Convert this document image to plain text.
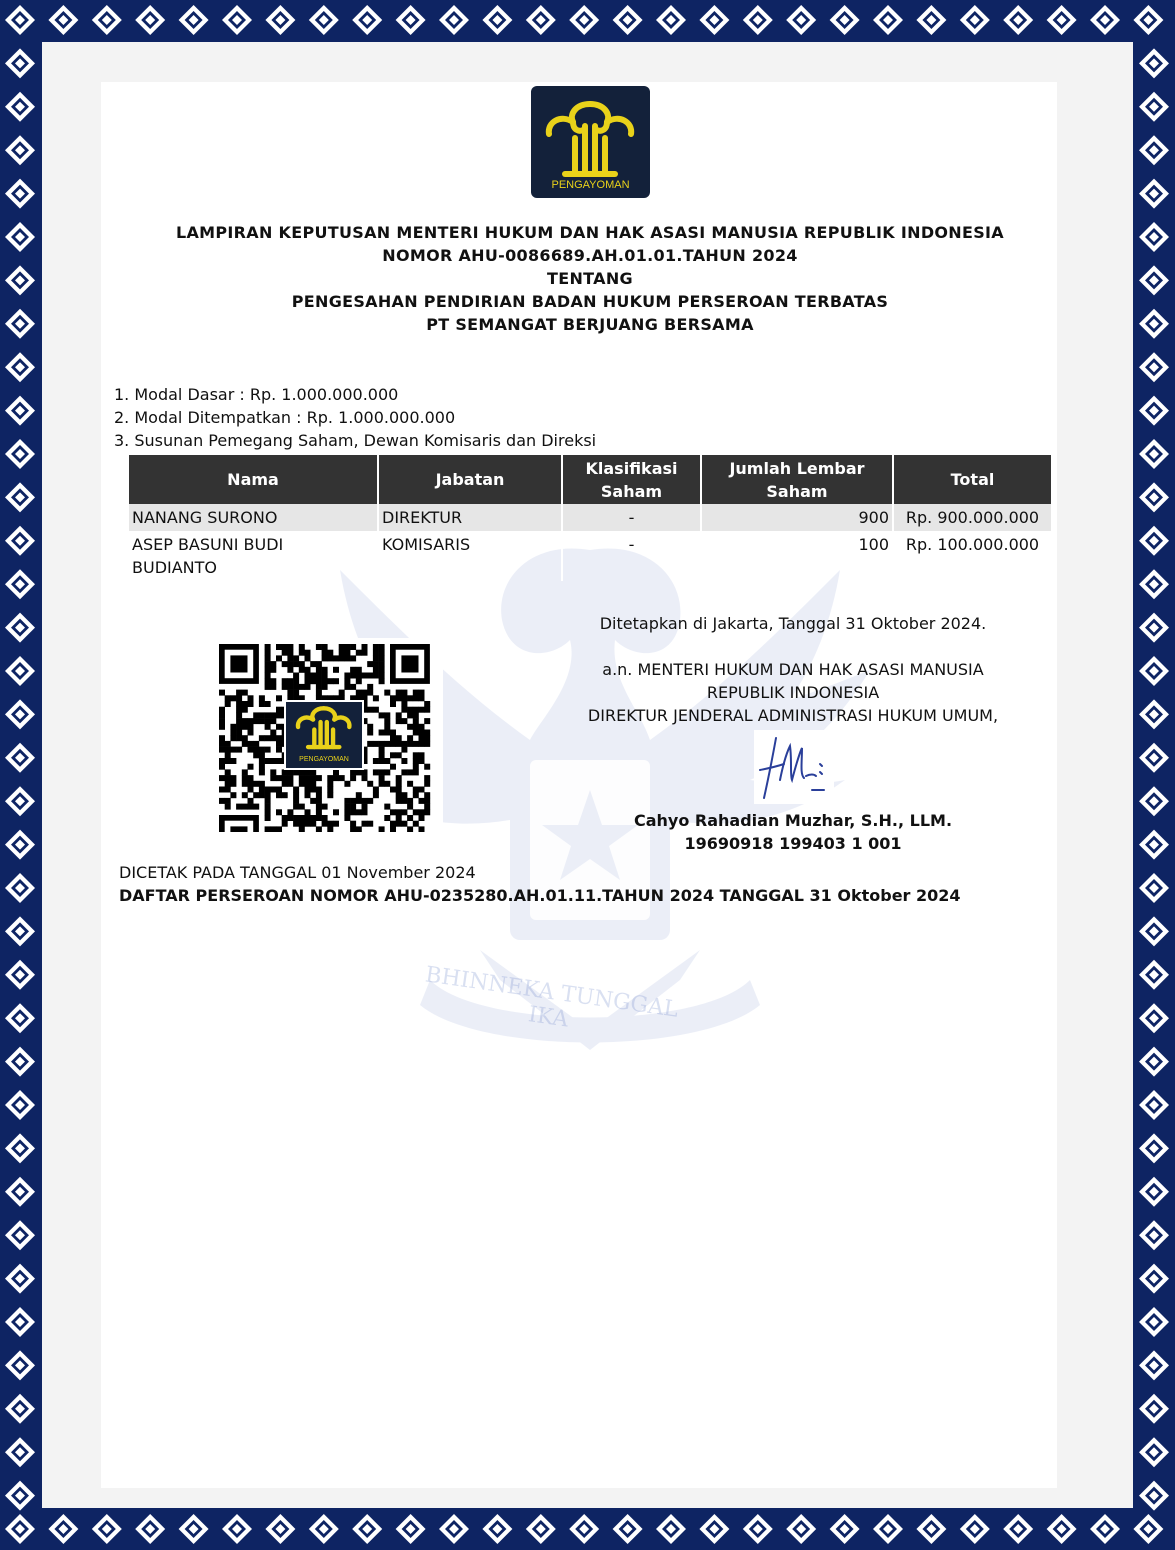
BHINNEKA TUNGGAL IKA
PENGAYOMAN
LAMPIRAN KEPUTUSAN MENTERI HUKUM DAN HAK ASASI MANUSIA REPUBLIK INDONESIA
NOMOR AHU-0086689.AH.01.01.TAHUN 2024
TENTANG
PENGESAHAN PENDIRIAN BADAN HUKUM PERSEROAN TERBATAS
PT SEMANGAT BERJUANG BERSAMA
1. Modal Dasar : Rp. 1.000.000.000
2. Modal Ditempatkan : Rp. 1.000.000.000
3. Susunan Pemegang Saham, Dewan Komisaris dan Direksi
Nama	Jabatan	Klasifikasi Saham	Jumlah Lembar Saham	Total
NANANG SURONO	DIREKTUR	-	900	Rp. 900.000.000

ASEP BASUNI BUDI BUDIANTO	KOMISARIS	-	100	Rp. 100.000.000
PENGAYOMAN
Ditetapkan di Jakarta, Tanggal 31 Oktober 2024.
a.n. MENTERI HUKUM DAN HAK ASASI MANUSIA
REPUBLIK INDONESIA
DIREKTUR JENDERAL ADMINISTRASI HUKUM UMUM,
Cahyo Rahadian Muzhar, S.H., LLM.
19690918 199403 1 001
DICETAK PADA TANGGAL 01 November 2024
DAFTAR PERSEROAN NOMOR AHU-0235280.AH.01.11.TAHUN 2024 TANGGAL 31 Oktober 2024
